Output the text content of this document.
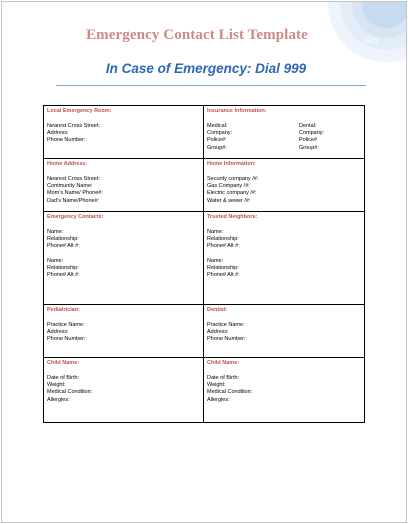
[Text]
Emergency Contact List Template
In Case of Emergency: Dial 999
Local Emergency Room:
Nearest Cross Street:
Address:
Phone Number:
Insurance Information:
Medical:	Dental:
Company:	Company:
Police#:	Police#
Group#:	Group#:
Home Address:
Nearest Cross Street:
Community Name:
Mom’s Name/ Phone#:
Dad’s Name/Phone#:
Home Information:
Security company /#:
Gas Company /#:
Electric company /#:
Water & sewer /#:
Emergency Contacts:
Name:
Relationship:
Phone# Alt #:
Name:
Relationship:
Phone# Alt #:
Trusted Neighbors:
Name:
Relationship:
Phone# Alt #:
Name:
Relationship:
Phone# Alt #:
Pediatrician:
Practice Name:
Address:
Phone Number:
Dentist:
Practice Name:
Address:
Phone Number:
Child Name:
Date of Birth:
Weight:
Medical Condition:
Allergies:
Child Name:
Date of Birth:
Weight:
Medical Condition:
Allergies:
